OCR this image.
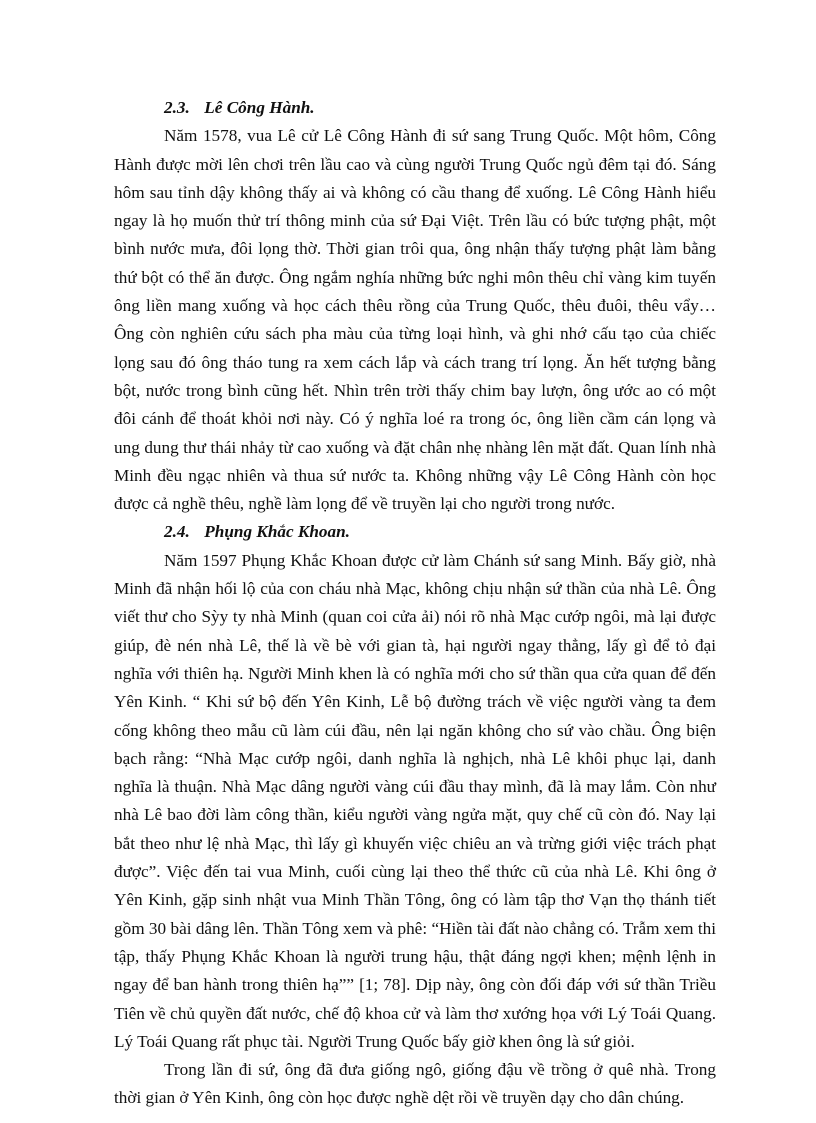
2.3. Lê Công Hành.

Năm 1578, vua Lê cử Lê Công Hành đi sứ sang Trung Quốc. Một hôm, Công Hành được mời lên chơi trên lầu cao và cùng người Trung Quốc ngủ đêm tại đó. Sáng hôm sau tỉnh dậy không thấy ai và không có cầu thang để xuống. Lê Công Hành hiểu ngay là họ muốn thử trí thông minh của sứ Đại Việt. Trên lầu có bức tượng phật, một bình nước mưa, đôi lọng thờ. Thời gian trôi qua, ông nhận thấy tượng phật làm bằng thứ bột có thể ăn được. Ông ngắm nghía những bức nghi môn thêu chỉ vàng kim tuyến ông liền mang xuống và học cách thêu rồng của Trung Quốc, thêu đuôi, thêu vẩy… Ông còn nghiên cứu sách pha màu của từng loại hình, và ghi nhớ cấu tạo của chiếc lọng sau đó ông tháo tung ra xem cách lắp và cách trang trí lọng. Ăn hết tượng bằng bột, nước trong bình cũng hết. Nhìn trên trời thấy chim bay lượn, ông ước ao có một đôi cánh để thoát khỏi nơi này. Có ý nghĩa loé ra trong óc, ông liền cầm cán lọng và ung dung thư thái nhảy từ cao xuống và đặt chân nhẹ nhàng lên mặt đất. Quan lính nhà Minh đều ngạc nhiên và thua sứ nước ta. Không những vậy Lê Công Hành còn học được cả nghề thêu, nghề làm lọng để về truyền lại cho người trong nước.

2.4. Phụng Khắc Khoan.

Năm 1597 Phụng Khắc Khoan được cử làm Chánh sứ sang Minh. Bấy giờ, nhà Minh đã nhận hối lộ của con cháu nhà Mạc, không chịu nhận sứ thần của nhà Lê. Ông viết thư cho Sỳy ty nhà Minh (quan coi cửa ải) nói rõ nhà Mạc cướp ngôi, mà lại được giúp, đè nén nhà Lê, thế là về bè với gian tà, hại người ngay thẳng, lấy gì để tỏ đại nghĩa với thiên hạ. Người Minh khen là có nghĩa mới cho sứ thần qua cửa quan để đến Yên Kinh. “ Khi sứ bộ đến Yên Kinh, Lễ bộ đường trách về việc người vàng ta đem cống không theo mẫu cũ làm cúi đầu, nên lại ngăn không cho sứ vào chầu. Ông biện bạch rằng: “Nhà Mạc cướp ngôi, danh nghĩa là nghịch, nhà Lê khôi phục lại, danh nghĩa là thuận. Nhà Mạc dâng người vàng cúi đầu thay mình, đã là may lắm. Còn như nhà Lê bao đời làm công thần, kiểu người vàng ngửa mặt, quy chế cũ còn đó. Nay lại bắt theo như lệ nhà Mạc, thì lấy gì khuyến việc chiêu an và trừng giới việc trách phạt được”. Việc đến tai vua Minh, cuối cùng lại theo thể thức cũ của nhà Lê. Khi ông ở Yên Kinh, gặp sinh nhật vua Minh Thần Tông, ông có làm tập thơ Vạn thọ thánh tiết gồm 30 bài dâng lên. Thần Tông xem và phê: “Hiền tài đất nào chẳng có. Trẫm xem thi tập, thấy Phụng Khắc Khoan là người trung hậu, thật đáng ngợi khen; mệnh lệnh in ngay để ban hành trong thiên hạ”” [1; 78]. Dịp này, ông còn đối đáp với sứ thần Triều Tiên về chủ quyền đất nước, chế độ khoa cử và làm thơ xướng họa với Lý Toái Quang. Lý Toái Quang rất phục tài. Người Trung Quốc bấy giờ khen ông là sứ giỏi.

Trong lần đi sứ, ông đã đưa giống ngô, giống đậu về trồng ở quê nhà. Trong thời gian ở Yên Kinh, ông còn học được nghề dệt rồi về truyền dạy cho dân chúng.
